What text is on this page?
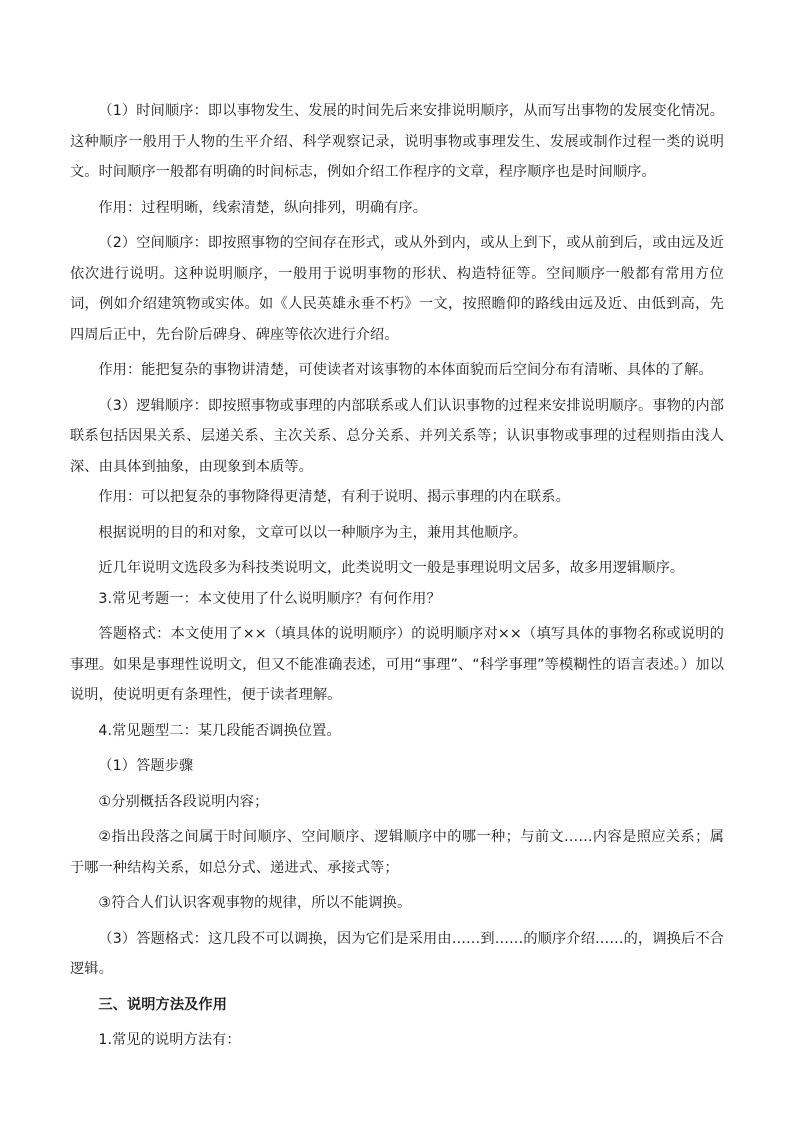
（1）时间顺序：即以事物发生、发展的时间先后来安排说明顺序，从而写出事物的发展变化情况。这种顺序一般用于人物的生平介绍、科学观察记录，说明事物或事理发生、发展或制作过程一类的说明文。时间顺序一般都有明确的时间标志，例如介绍工作程序的文章，程序顺序也是时间顺序。

作用：过程明晰，线索清楚，纵向排列，明确有序。

（2）空间顺序：即按照事物的空间存在形式，或从外到内，或从上到下，或从前到后，或由远及近依次进行说明。这种说明顺序，一般用于说明事物的形状、构造特征等。空间顺序一般都有常用方位词，例如介绍建筑物或实体。如《人民英雄永垂不朽》一文，按照瞻仰的路线由远及近、由低到高，先四周后正中，先台阶后碑身、碑座等依次进行介绍。

作用：能把复杂的事物讲清楚，可使读者对该事物的本体面貌而后空间分布有清晰、具体的了解。

（3）逻辑顺序：即按照事物或事理的内部联系或人们认识事物的过程来安排说明顺序。事物的内部联系包括因果关系、层递关系、主次关系、总分关系、并列关系等；认识事物或事理的过程则指由浅人深、由具体到抽象，由现象到本质等。

作用：可以把复杂的事物降得更清楚，有利于说明、揭示事理的内在联系。

根据说明的目的和对象，文章可以以一种顺序为主，兼用其他顺序。

近几年说明文选段多为科技类说明文，此类说明文一般是事理说明文居多，故多用逻辑顺序。

3.常见考题一：本文使用了什么说明顺序？有何作用？

答题格式：本文使用了××（填具体的说明顺序）的说明顺序对××（填写具体的事物名称或说明的事理。如果是事理性说明文，但又不能准确表述，可用“事理”、“科学事理”等模糊性的语言表述。）加以说明，使说明更有条理性，便于读者理解。

4.常见题型二：某几段能否调换位置。

（1）答题步骤

①分别概括各段说明内容；

②指出段落之间属于时间顺序、空间顺序、逻辑顺序中的哪一种；与前文……内容是照应关系；属于哪一种结构关系，如总分式、递进式、承接式等；

③符合人们认识客观事物的规律，所以不能调换。

（3）答题格式：这几段不可以调换，因为它们是采用由……到……的顺序介绍……的，调换后不合逻辑。

三、说明方法及作用

1.常见的说明方法有：
